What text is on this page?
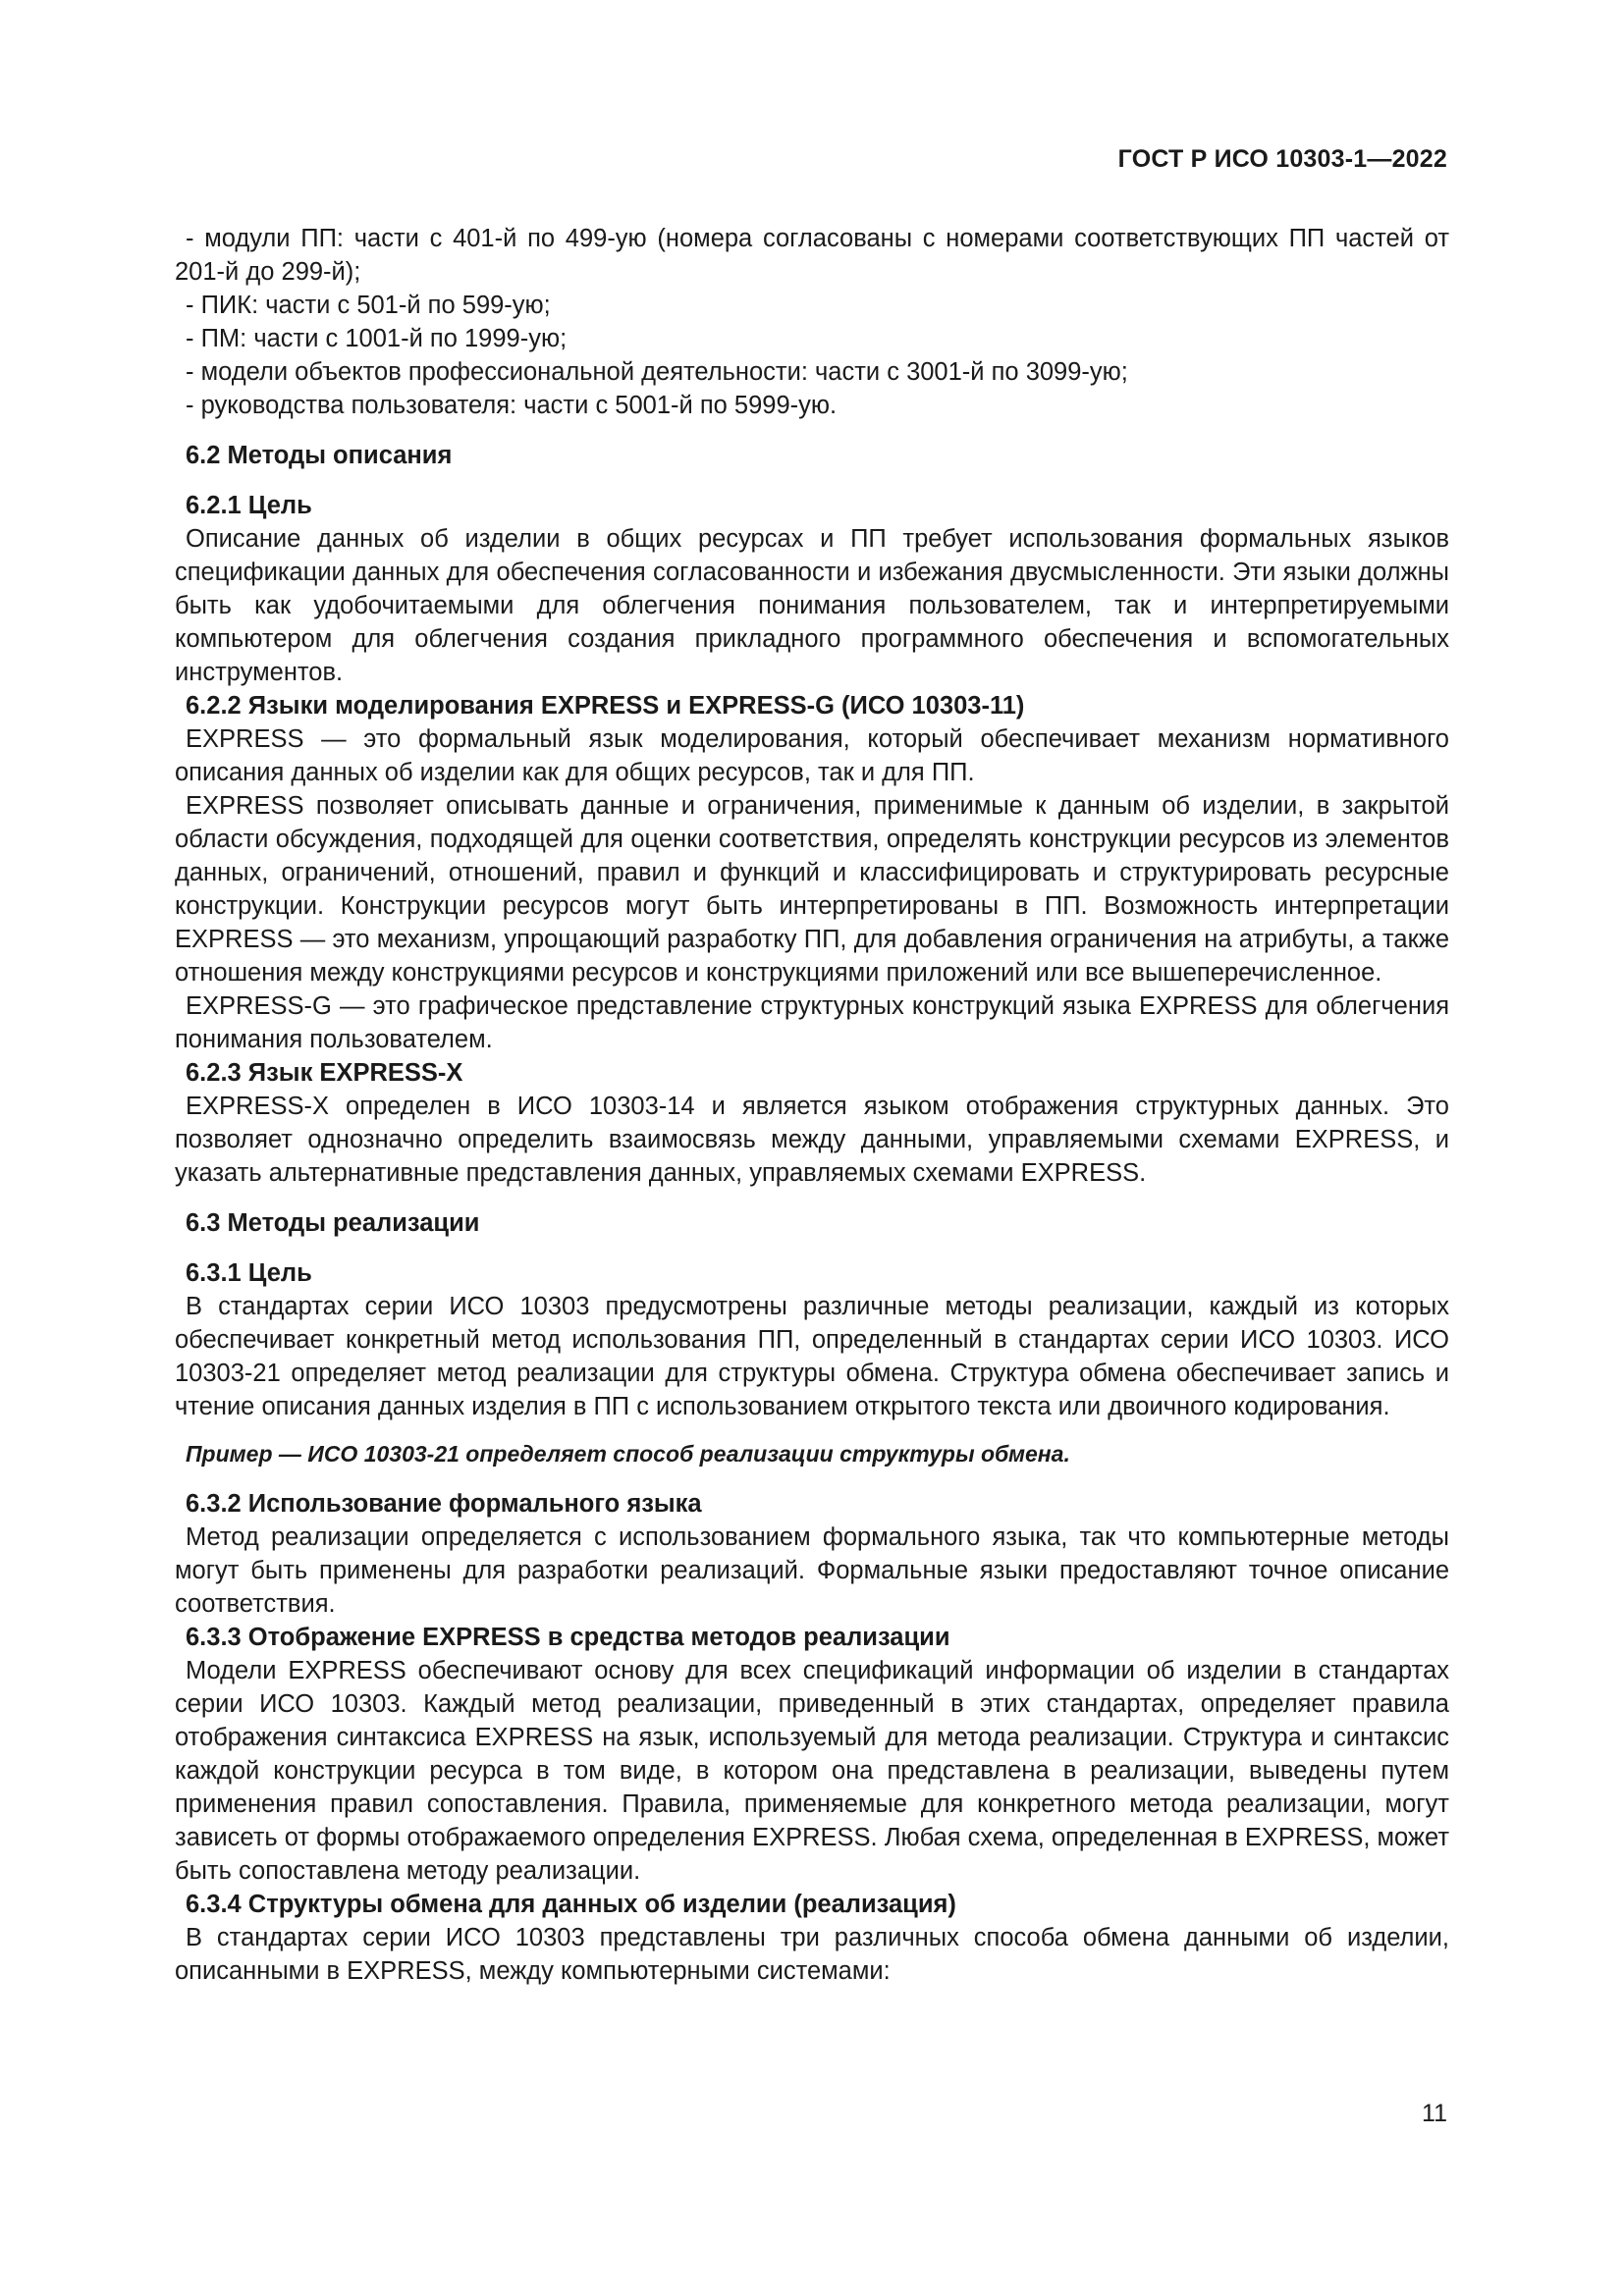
ГОСТ Р ИСО 10303-1—2022

- модули ПП: части с 401-й по 499-ую (номера согласованы с номерами соответствующих ПП частей от 201-й до 299-й);

- ПИК: части с 501-й по 599-ую;

- ПМ: части с 1001-й по 1999-ую;

- модели объектов профессиональной деятельности: части с 3001-й по 3099-ую;

- руководства пользователя: части с 5001-й по 5999-ую.

6.2 Методы описания

6.2.1 Цель

Описание данных об изделии в общих ресурсах и ПП требует использования формальных языков спецификации данных для обеспечения согласованности и избежания двусмысленности. Эти языки должны быть как удобочитаемыми для облегчения понимания пользователем, так и интерпретируемыми компьютером для облегчения создания прикладного программного обеспечения и вспомогательных инструментов.

6.2.2 Языки моделирования EXPRESS и EXPRESS-G (ИСО 10303-11)

EXPRESS — это формальный язык моделирования, который обеспечивает механизм нормативного описания данных об изделии как для общих ресурсов, так и для ПП.

EXPRESS позволяет описывать данные и ограничения, применимые к данным об изделии, в закрытой области обсуждения, подходящей для оценки соответствия, определять конструкции ресурсов из элементов данных, ограничений, отношений, правил и функций и классифицировать и структурировать ресурсные конструкции. Конструкции ресурсов могут быть интерпретированы в ПП. Возможность интерпретации EXPRESS — это механизм, упрощающий разработку ПП, для добавления ограничения на атрибуты, а также отношения между конструкциями ресурсов и конструкциями приложений или все вышеперечисленное.

EXPRESS-G — это графическое представление структурных конструкций языка EXPRESS для облегчения понимания пользователем.

6.2.3 Язык EXPRESS-X

EXPRESS-X определен в ИСО 10303-14 и является языком отображения структурных данных. Это позволяет однозначно определить взаимосвязь между данными, управляемыми схемами EXPRESS, и указать альтернативные представления данных, управляемых схемами EXPRESS.

6.3 Методы реализации

6.3.1 Цель

В стандартах серии ИСО 10303 предусмотрены различные методы реализации, каждый из которых обеспечивает конкретный метод использования ПП, определенный в стандартах серии ИСО 10303. ИСО 10303-21 определяет метод реализации для структуры обмена. Структура обмена обеспечивает запись и чтение описания данных изделия в ПП с использованием открытого текста или двоичного кодирования.

Пример — ИСО 10303-21 определяет способ реализации структуры обмена.

6.3.2 Использование формального языка

Метод реализации определяется с использованием формального языка, так что компьютерные методы могут быть применены для разработки реализаций. Формальные языки предоставляют точное описание соответствия.

6.3.3 Отображение EXPRESS в средства методов реализации

Модели EXPRESS обеспечивают основу для всех спецификаций информации об изделии в стандартах серии ИСО 10303. Каждый метод реализации, приведенный в этих стандартах, определяет правила отображения синтаксиса EXPRESS на язык, используемый для метода реализации. Структура и синтаксис каждой конструкции ресурса в том виде, в котором она представлена в реализации, выведены путем применения правил сопоставления. Правила, применяемые для конкретного метода реализации, могут зависеть от формы отображаемого определения EXPRESS. Любая схема, определенная в EXPRESS, может быть сопоставлена методу реализации.

6.3.4 Структуры обмена для данных об изделии (реализация)

В стандартах серии ИСО 10303 представлены три различных способа обмена данными об изделии, описанными в EXPRESS, между компьютерными системами:

11
